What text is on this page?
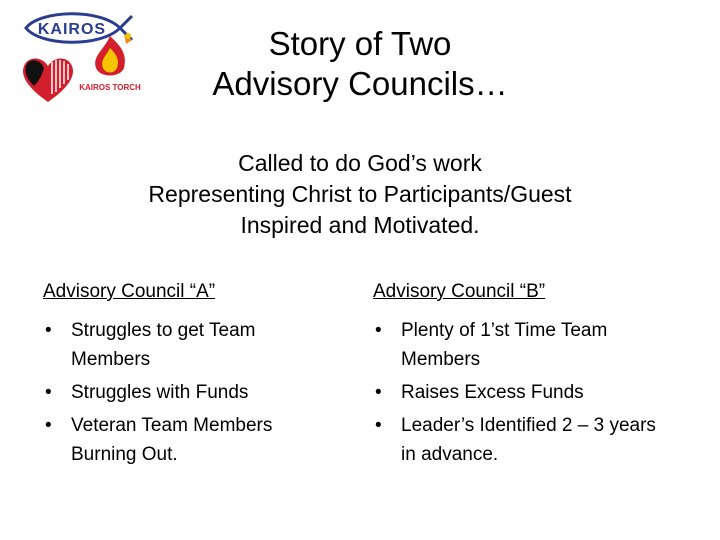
KAIROS
KAIROS TORCH
Story of Two
Advisory Councils…
Called to do God’s work
Representing Christ to Participants/Guest
Inspired and Motivated.
Advisory Council “A”
• Struggles to get Team Members
• Struggles with Funds
• Veteran Team Members Burning Out.
Advisory Council “B”
• Plenty of 1’st Time Team Members
• Raises Excess Funds
• Leader’s Identified 2 – 3 years in advance.
